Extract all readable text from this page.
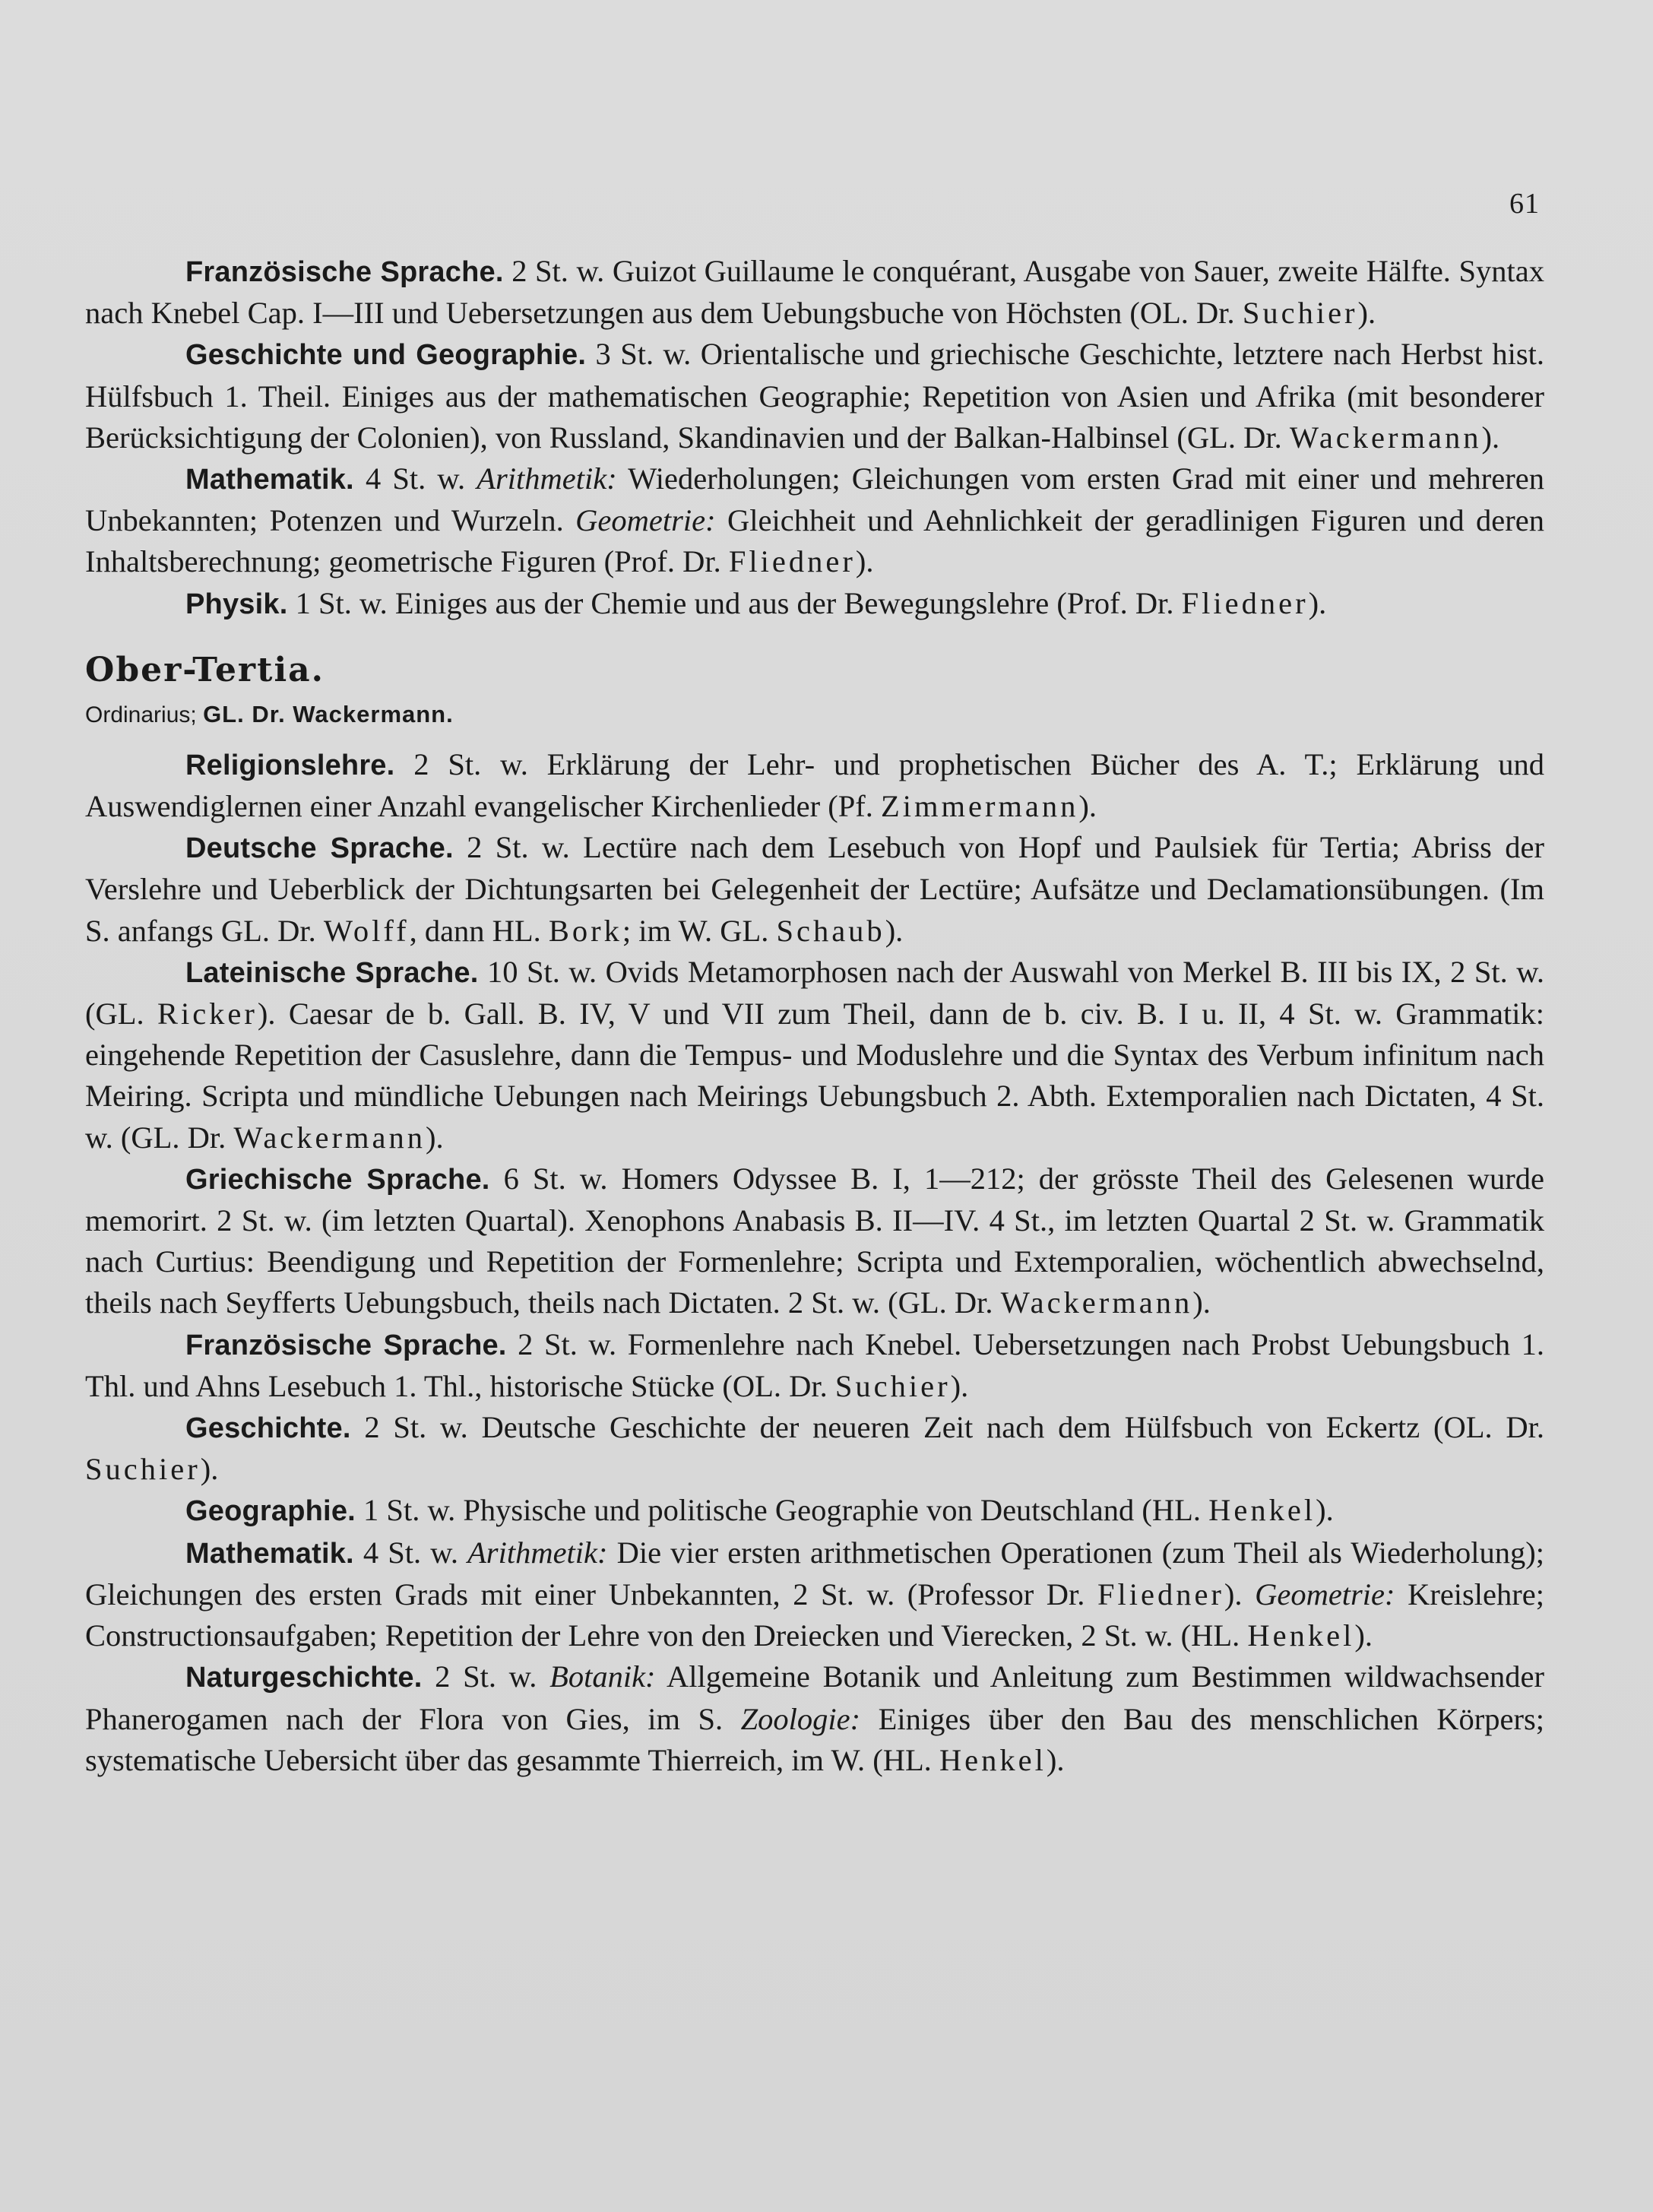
61

Französische Sprache. 2 St. w. Guizot Guillaume le conquérant, Ausgabe von Sauer, zweite Hälfte. Syntax nach Knebel Cap. I—III und Uebersetzungen aus dem Uebungsbuche von Höchsten (OL. Dr. Suchier).

Geschichte und Geographie. 3 St. w. Orientalische und griechische Geschichte, letztere nach Herbst hist. Hülfsbuch 1. Theil. Einiges aus der mathematischen Geographie; Repetition von Asien und Afrika (mit besonderer Berücksichtigung der Colonien), von Russland, Skandinavien und der Balkan-Halbinsel (GL. Dr. Wackermann).

Mathematik. 4 St. w. Arithmetik: Wiederholungen; Gleichungen vom ersten Grad mit einer und mehreren Unbekannten; Potenzen und Wurzeln. Geometrie: Gleichheit und Aehnlichkeit der geradlinigen Figuren und deren Inhaltsberechnung; geometrische Figuren (Prof. Dr. Fliedner).

Physik. 1 St. w. Einiges aus der Chemie und aus der Bewegungslehre (Prof. Dr. Fliedner).

Ober-Tertia.

Ordinarius; GL. Dr. Wackermann.

Religionslehre. 2 St. w. Erklärung der Lehr- und prophetischen Bücher des A. T.; Erklärung und Auswendiglernen einer Anzahl evangelischer Kirchenlieder (Pf. Zimmermann).

Deutsche Sprache. 2 St. w. Lectüre nach dem Lesebuch von Hopf und Paulsiek für Tertia; Abriss der Verslehre und Ueberblick der Dichtungsarten bei Gelegenheit der Lectüre; Aufsätze und Declamationsübungen. (Im S. anfangs GL. Dr. Wolff, dann HL. Bork; im W. GL. Schaub).

Lateinische Sprache. 10 St. w. Ovids Metamorphosen nach der Auswahl von Merkel B. III bis IX, 2 St. w. (GL. Ricker). Caesar de b. Gall. B. IV, V und VII zum Theil, dann de b. civ. B. I u. II, 4 St. w. Grammatik: eingehende Repetition der Casuslehre, dann die Tempus- und Moduslehre und die Syntax des Verbum infinitum nach Meiring. Scripta und mündliche Uebungen nach Meirings Uebungsbuch 2. Abth. Extemporalien nach Dictaten, 4 St. w. (GL. Dr. Wackermann).

Griechische Sprache. 6 St. w. Homers Odyssee B. I, 1—212; der grösste Theil des Gelesenen wurde memorirt. 2 St. w. (im letzten Quartal). Xenophons Anabasis B. II—IV. 4 St., im letzten Quartal 2 St. w. Grammatik nach Curtius: Beendigung und Repetition der Formenlehre; Scripta und Extemporalien, wöchentlich abwechselnd, theils nach Seyfferts Uebungsbuch, theils nach Dictaten. 2 St. w. (GL. Dr. Wackermann).

Französische Sprache. 2 St. w. Formenlehre nach Knebel. Uebersetzungen nach Probst Uebungsbuch 1. Thl. und Ahns Lesebuch 1. Thl., historische Stücke (OL. Dr. Suchier).

Geschichte. 2 St. w. Deutsche Geschichte der neueren Zeit nach dem Hülfsbuch von Eckertz (OL. Dr. Suchier).

Geographie. 1 St. w. Physische und politische Geographie von Deutschland (HL. Henkel).

Mathematik. 4 St. w. Arithmetik: Die vier ersten arithmetischen Operationen (zum Theil als Wiederholung); Gleichungen des ersten Grads mit einer Unbekannten, 2 St. w. (Professor Dr. Fliedner). Geometrie: Kreislehre; Constructionsaufgaben; Repetition der Lehre von den Dreiecken und Vierecken, 2 St. w. (HL. Henkel).

Naturgeschichte. 2 St. w. Botanik: Allgemeine Botanik und Anleitung zum Bestimmen wildwachsender Phanerogamen nach der Flora von Gies, im S. Zoologie: Einiges über den Bau des menschlichen Körpers; systematische Uebersicht über das gesammte Thierreich, im W. (HL. Henkel).
